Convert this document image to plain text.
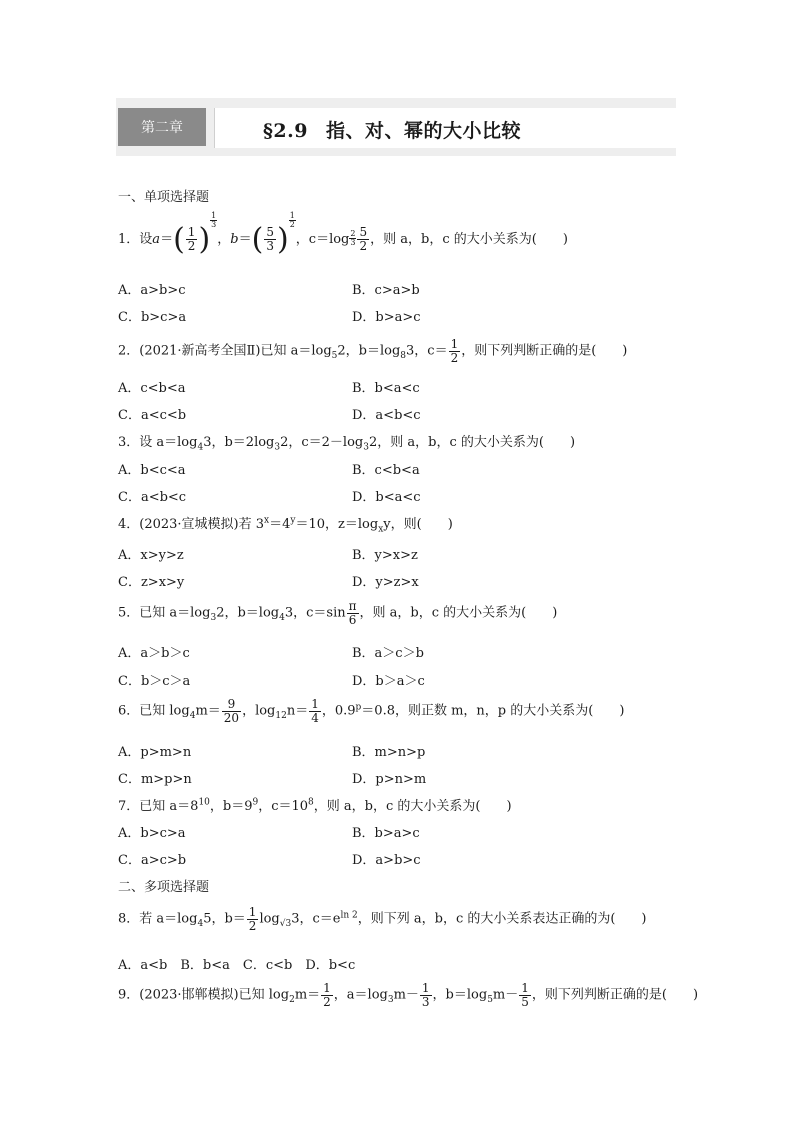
第二章	§2.9 指、对、幂的大小比较
一、单项选择题
1．设$a=( \frac{1}{2}$ )
$\frac{1}{3}$
，$b=( \frac{5}{3}$ )
$\frac{1}{2}$
，$c=\log \frac{2}{3} \frac{5}{2}$ ，则 a，b，c 的大小关系为(　　)
A．a>b>c	B．c>a>b
C．b>c>a	D．b>a>c
2．(2021·新高考全国Ⅱ)已知 $a=\log_52$，$b=\log_83$，$c= \frac{1}{2}$ ，则下列判断正确的是(　　)
A．c<b<a	B．b<a<c
C．a<c<b	D．a<b<c
3．设 $a=\log_43$，$b=2\log_32$，$c=2-\log_32$，则 a，b，c 的大小关系为(　　)
A．b<c<a	B．c<b<a
C．a<b<c	D．b<a<c
4．(2023·宣城模拟)若 $3^x=4^y=10$，$z=\log_xy$，则(　　)
A．x>y>z	B．y>x>z
C．z>x>y	D．y>z>x
5．已知 $a=\log_32$，$b=\log_43$，$c=\sin \frac{\pi}{6}$ ，则 a，b，c 的大小关系为(　　)
A．a＞b＞c	B．a＞c＞b
C．b＞c＞a	D．b＞a＞c
6．已知 $\log_4m= \frac{9}{20}$ ，$\log_{12}n= \frac{1}{4}$ ，$0.9^p=0.8$，则正数 m，n，p 的大小关系为(　　)
A．p>m>n	B．m>n>p
C．m>p>n	D．p>n>m
7．已知 $a=8^{10}$，$b=9^9$，$c=10^8$，则 a，b，c 的大小关系为(　　)
A．b>c>a	B．b>a>c
C．a>c>b	D．a>b>c
二、多项选择题
8．若 $a=\log_45$，$b= \frac{1}{2} \log_{√3}3$，$c=e^{ln 2}$，则下列 a，b，c 的大小关系表达正确的为(　　)
A．a<b　B．b<a　C．c<b　D．b<c
9．(2023·邯郸模拟)已知 $\log_2m= \frac{1}{2}$ ，$a=\log_3m- \frac{1}{3}$ ，$b=\log_5m- \frac{1}{5}$ ，则下列判断正确的是(　　)
